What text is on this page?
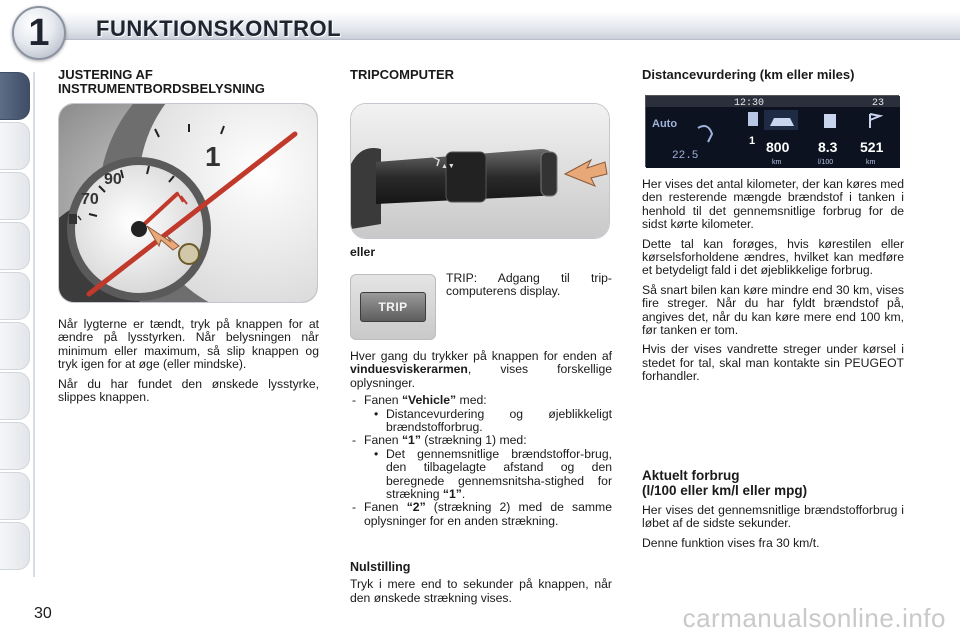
1	FUNKTIONSKONTROL
JUSTERING AF INSTRUMENTBORDSBELYSNING
70
90
1

Når lygterne er tændt, tryk på knappen for at ændre på lysstyrken. Når belysningen når minimum eller maximum, så slip knappen og tryk igen for at øge (eller mindske).

Når du har fundet den ønskede lysstyrke, slippes knappen.

TRIPCOMPUTER
▲▼
eller
TRIP

TRIP: Adgang til trip-computerens display.

Hver gang du trykker på knappen for enden af vinduesviskerarmen, vises forskellige oplysninger.

- Fanen “Vehicle” med:
• Distancevurdering og øjeblikkeligt brændstofforbrug.
- Fanen “1” (strækning 1) med:
• Det gennemsnitlige brændstoffor-brug, den tilbagelagte afstand og den beregnede gennemsnitsha-stighed for strækning “1”.
- Fanen “2” (strækning 2) med de samme oplysninger for en anden strækning.
Nulstilling

Tryk i mere end to sekunder på knappen, når den ønskede strækning vises.

Distancevurdering (km eller miles)
12:30	23
Auto
22.5
1 800 8.3 521
km	l/100	km

Her vises det antal kilometer, der kan køres med den resterende mængde brændstof i tanken i henhold til det gennemsnitlige forbrug for de sidst kørte kilometer.

Dette tal kan forøges, hvis kørestilen eller kørselsforholdene ændres, hvilket kan medføre et betydeligt fald i det øjeblikkelige forbrug.

Så snart bilen kan køre mindre end 30 km, vises fire streger. Når du har fyldt brændstof på, angives det, når du kan køre mere end 100 km, før tanken er tom.

Hvis der vises vandrette streger under kørsel i stedet for tal, skal man kontakte sin PEUGEOT forhandler.

Aktuelt forbrug
(l/100 eller km/l eller mpg)

Her vises det gennemsnitlige brændstofforbrug i løbet af de sidste sekunder.

Denne funktion vises fra 30 km/t.

30	carmanualsonline.info
